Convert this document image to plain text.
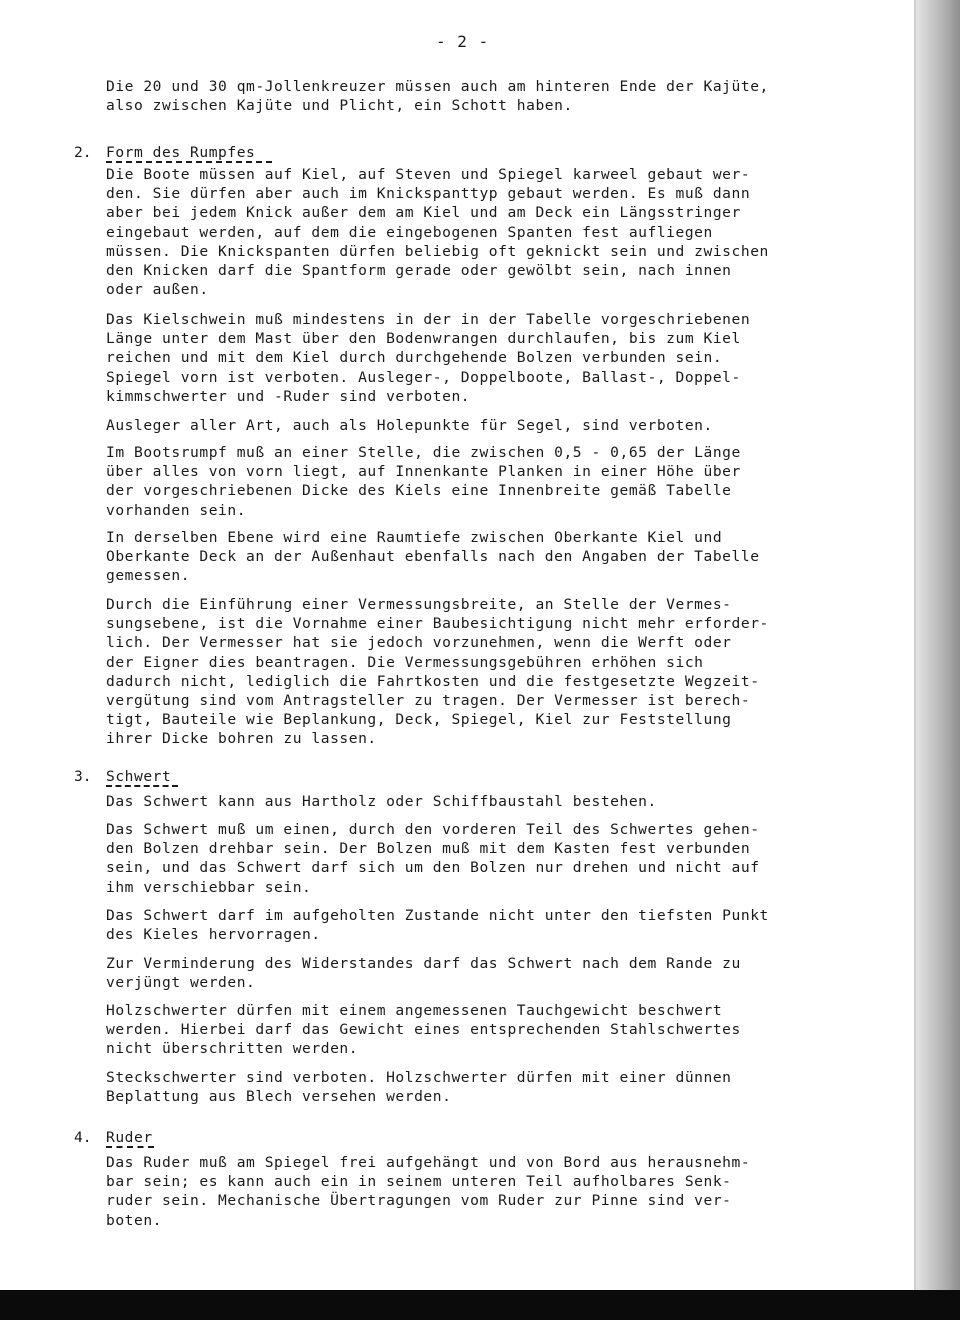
- 2 -

Die 20 und 30 qm-Jollenkreuzer müssen auch am hinteren Ende der Kajüte,
also zwischen Kajüte und Plicht, ein Schott haben.

2. Form des Rumpfes

Die Boote müssen auf Kiel, auf Steven und Spiegel karweel gebaut wer-
den. Sie dürfen aber auch im Knickspanttyp gebaut werden. Es muß dann
aber bei jedem Knick außer dem am Kiel und am Deck ein Längsstringer
eingebaut werden, auf dem die eingebogenen Spanten fest aufliegen
müssen. Die Knickspanten dürfen beliebig oft geknickt sein und zwischen
den Knicken darf die Spantform gerade oder gewölbt sein, nach innen
oder außen.

Das Kielschwein muß mindestens in der in der Tabelle vorgeschriebenen
Länge unter dem Mast über den Bodenwrangen durchlaufen, bis zum Kiel
reichen und mit dem Kiel durch durchgehende Bolzen verbunden sein.
Spiegel vorn ist verboten. Ausleger-, Doppelboote, Ballast-, Doppel-
kimmschwerter und -Ruder sind verboten.

Ausleger aller Art, auch als Holepunkte für Segel, sind verboten.

Im Bootsrumpf muß an einer Stelle, die zwischen 0,5 - 0,65 der Länge
über alles von vorn liegt, auf Innenkante Planken in einer Höhe über
der vorgeschriebenen Dicke des Kiels eine Innenbreite gemäß Tabelle
vorhanden sein.

In derselben Ebene wird eine Raumtiefe zwischen Oberkante Kiel und
Oberkante Deck an der Außenhaut ebenfalls nach den Angaben der Tabelle
gemessen.

Durch die Einführung einer Vermessungsbreite, an Stelle der Vermes-
sungsebene, ist die Vornahme einer Baubesichtigung nicht mehr erforder-
lich. Der Vermesser hat sie jedoch vorzunehmen, wenn die Werft oder
der Eigner dies beantragen. Die Vermessungsgebühren erhöhen sich
dadurch nicht, lediglich die Fahrtkosten und die festgesetzte Wegzeit-
vergütung sind vom Antragsteller zu tragen. Der Vermesser ist berech-
tigt, Bauteile wie Beplankung, Deck, Spiegel, Kiel zur Feststellung
ihrer Dicke bohren zu lassen.

3. Schwert

Das Schwert kann aus Hartholz oder Schiffbaustahl bestehen.

Das Schwert muß um einen, durch den vorderen Teil des Schwertes gehen-
den Bolzen drehbar sein. Der Bolzen muß mit dem Kasten fest verbunden
sein, und das Schwert darf sich um den Bolzen nur drehen und nicht auf
ihm verschiebbar sein.

Das Schwert darf im aufgeholten Zustande nicht unter den tiefsten Punkt
des Kieles hervorragen.

Zur Verminderung des Widerstandes darf das Schwert nach dem Rande zu
verjüngt werden.

Holzschwerter dürfen mit einem angemessenen Tauchgewicht beschwert
werden. Hierbei darf das Gewicht eines entsprechenden Stahlschwertes
nicht überschritten werden.

Steckschwerter sind verboten. Holzschwerter dürfen mit einer dünnen
Beplattung aus Blech versehen werden.

4. Ruder

Das Ruder muß am Spiegel frei aufgehängt und von Bord aus herausnehm-
bar sein; es kann auch ein in seinem unteren Teil aufholbares Senk-
ruder sein. Mechanische Übertragungen vom Ruder zur Pinne sind ver-
boten.
